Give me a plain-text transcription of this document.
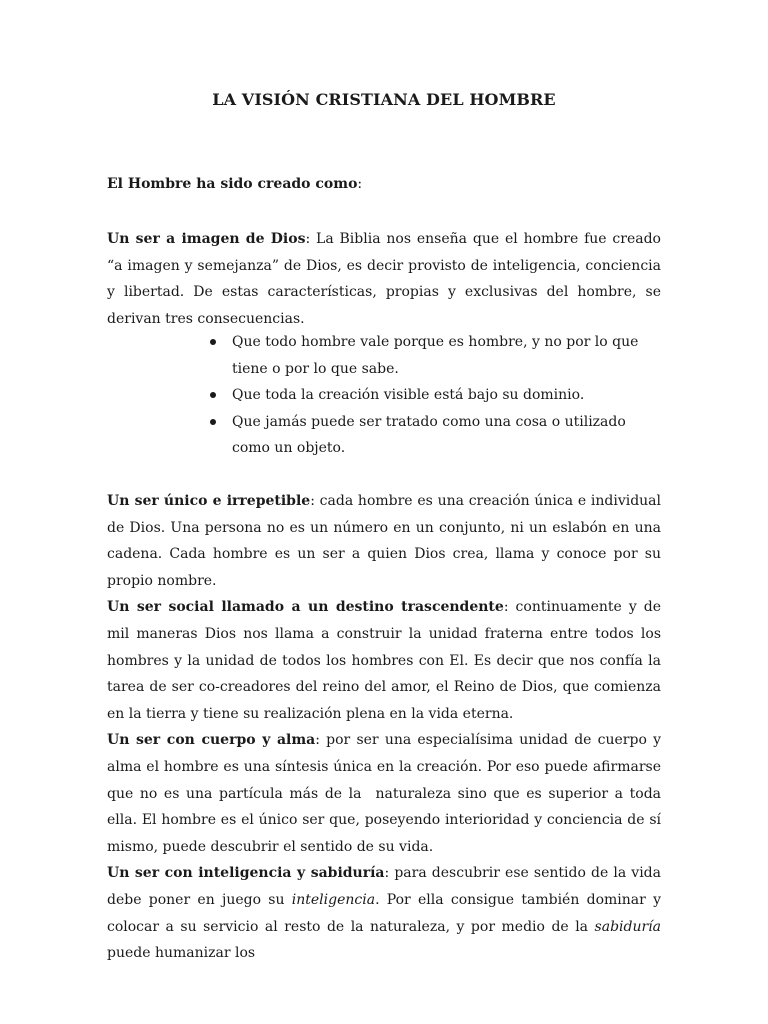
LA VISIÓN CRISTIANA DEL HOMBRE
El Hombre ha sido creado como:

Un ser a imagen de Dios: La Biblia nos enseña que el hombre fue creado “a imagen y semejanza” de Dios, es decir provisto de inteligencia, conciencia y libertad. De estas características, propias y exclusivas del hombre, se derivan tres consecuencias.

Que todo hombre vale porque es hombre, y no por lo que tiene o por lo que sabe.
Que toda la creación visible está bajo su dominio.
Que jamás puede ser tratado como una cosa o utilizado como un objeto.

Un ser único e irrepetible: cada hombre es una creación única e individual de Dios. Una persona no es un número en un conjunto, ni un eslabón en una cadena. Cada hombre es un ser a quien Dios crea, llama y conoce por su propio nombre.

Un ser social llamado a un destino trascendente: continuamente y de mil maneras Dios nos llama a construir la unidad fraterna entre todos los hombres y la unidad de todos los hombres con El. Es decir que nos confía la tarea de ser co-creadores del reino del amor, el Reino de Dios, que comienza en la tierra y tiene su realización plena en la vida eterna.

Un ser con cuerpo y alma: por ser una especialísima unidad de cuerpo y alma el hombre es una síntesis única en la creación. Por eso puede afirmarse que no es una partícula más de la naturaleza sino que es superior a toda ella. El hombre es el único ser que, poseyendo interioridad y conciencia de sí mismo, puede descubrir el sentido de su vida.

Un ser con inteligencia y sabiduría: para descubrir ese sentido de la vida debe poner en juego su inteligencia. Por ella consigue también dominar y colocar a su servicio al resto de la naturaleza, y por medio de la sabiduría puede humanizar los
